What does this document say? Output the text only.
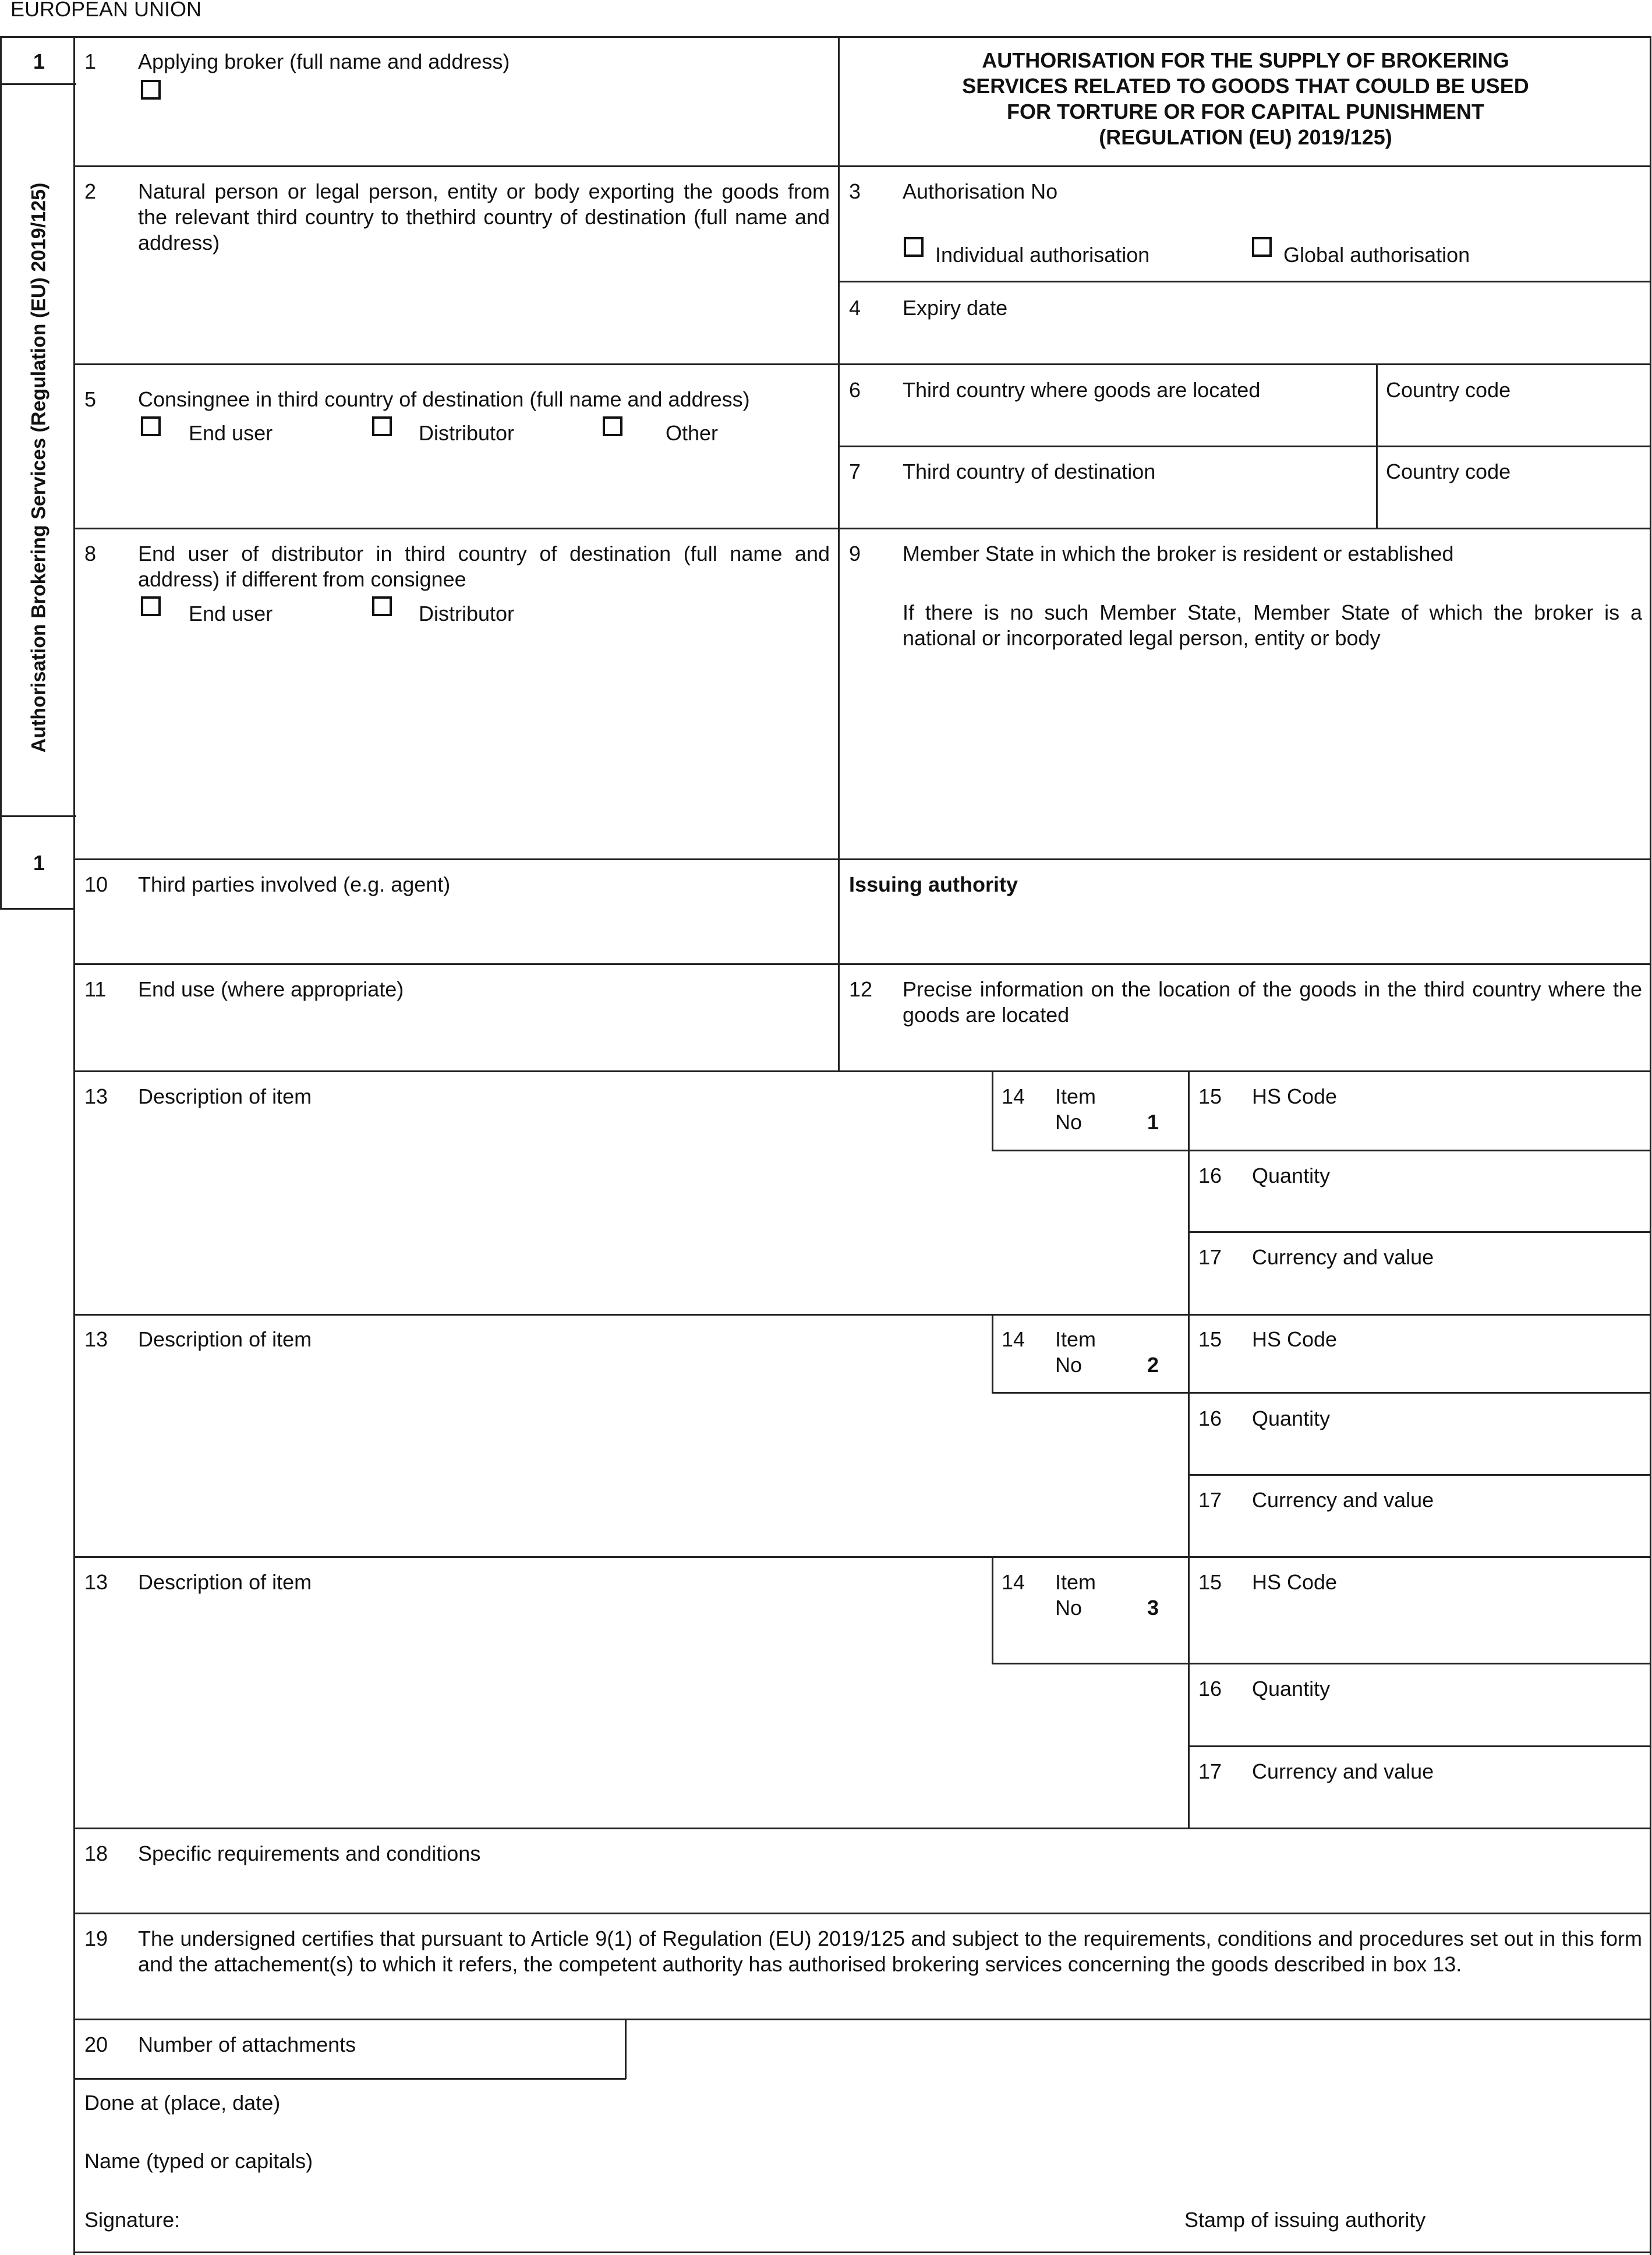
EUROPEAN UNION
1
Authorisation Brokering Services (Regulation (EU) 2019/125)
1
1 Applying broker (full name and address)	AUTHORISATION FOR THE SUPPLY OF BROKERING
SERVICES RELATED TO GOODS THAT COULD BE USED
FOR TORTURE OR FOR CAPITAL PUNISHMENT
(REGULATION (EU) 2019/125)
2 Natural person or legal person, entity or body exporting the goods from the relevant third country to thethird country of destination (full name and address)
3 Authorisation No
Individual authorisation	Global authorisation
4 Expiry date
5 Consingnee in third country of destination (full name and address)
End user	Distributor	Other
6 Third country where goods are located	Country code
7 Third country of destination	Country code
8 End user of distributor in third country of destination (full name and address) if different from consignee
End user	Distributor
9 Member State in which the broker is resident or established
If there is no such Member State, Member State of which the broker is a national or incorporated legal person, entity or body
10 Third parties involved (e.g. agent)	Issuing authority
11 End use (where appropriate)	12 Precise information on the location of the goods in the third country where the goods are located
13 Description of item	14 Item
No	1
15 HS Code
16 Quantity
17 Currency and value
13 Description of item	14 Item
No	2
15 HS Code
16 Quantity
17 Currency and value
13 Description of item	14 Item
No	3
15 HS Code
16 Quantity
17 Currency and value
18 Specific requirements and conditions
19 The undersigned certifies that pursuant to Article 9(1) of Regulation (EU) 2019/125 and subject to the requirements, conditions and procedures set out in this form and the attachement(s) to which it refers, the competent authority has authorised brokering services concerning the goods described in box 13.
20 Number of attachments
Done at (place, date)
Name (typed or capitals)
Signature:	Stamp of issuing authority
